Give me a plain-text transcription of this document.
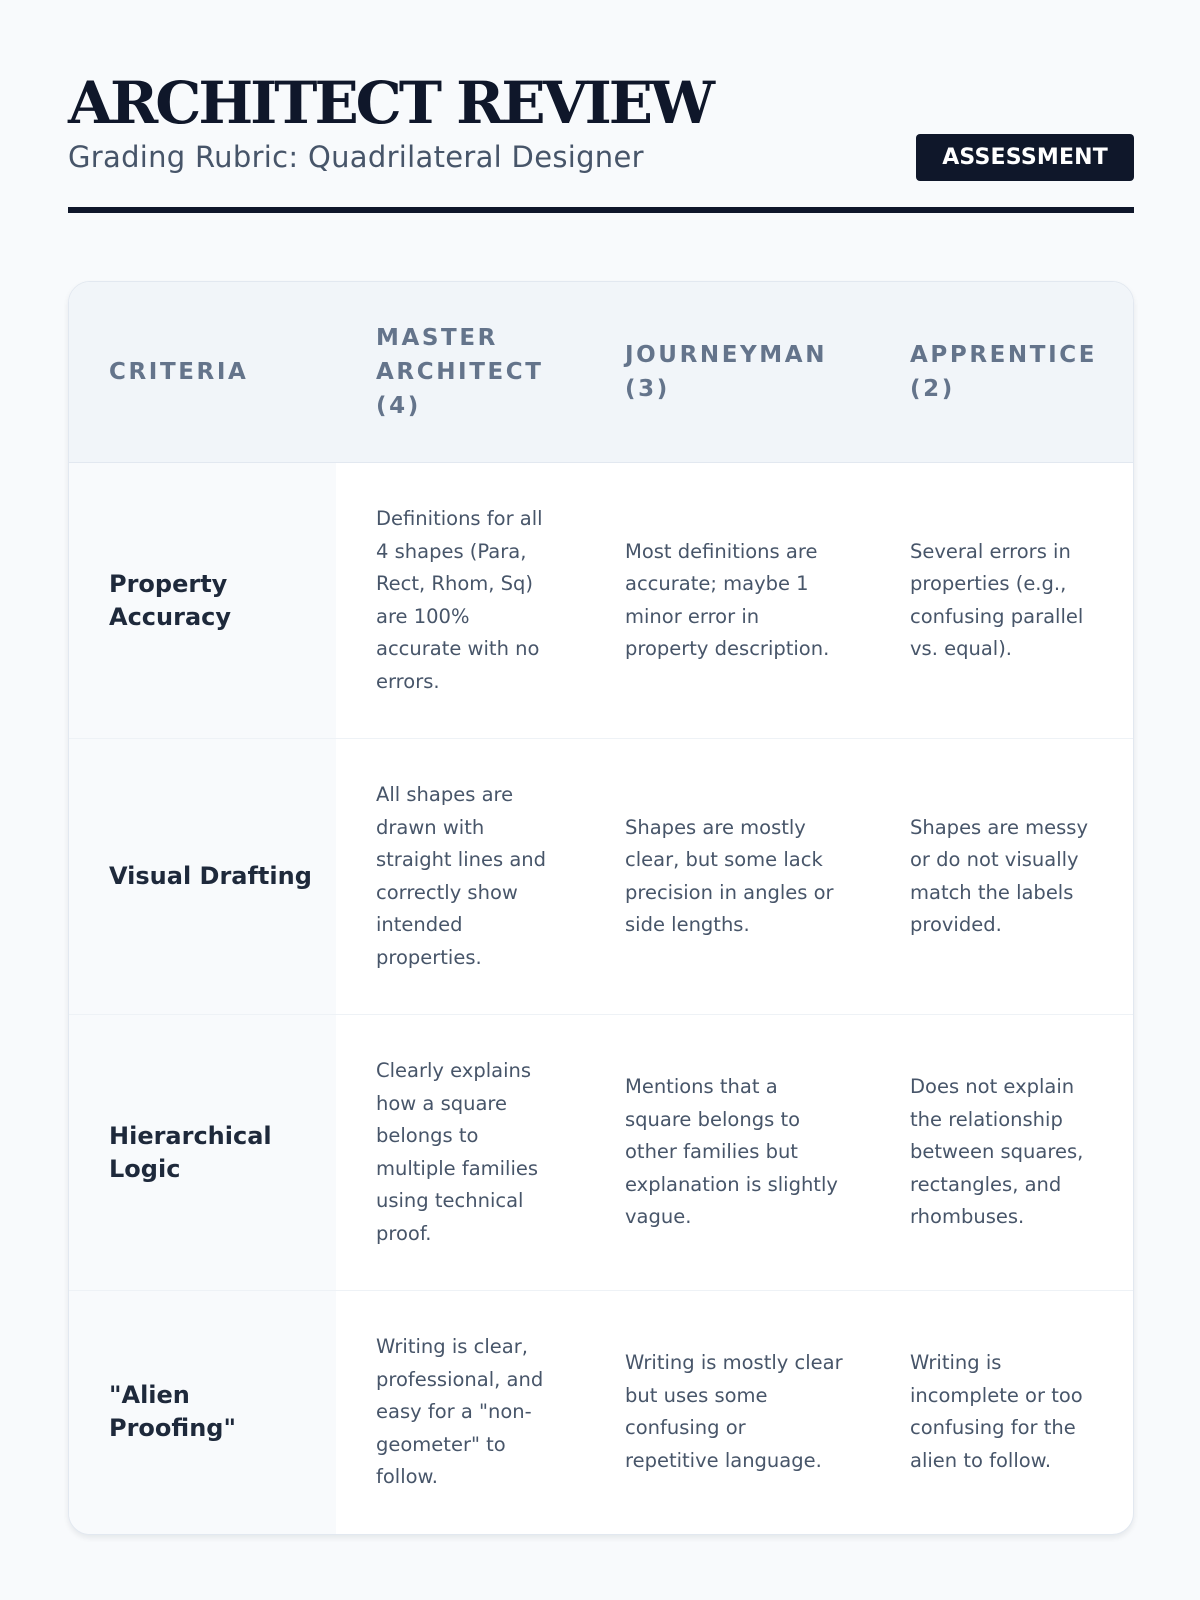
ARCHITECT REVIEW
Grading Rubric: Quadrilateral Designer	ASSESSMENT
CRITERIA	MASTER ARCHITECT (4)	JOURNEYMAN (3)	APPRENTICE (2)
Property Accuracy	Definitions for all 4 shapes (Para, Rect, Rhom, Sq) are 100% accurate with no errors.	Most definitions are accurate; maybe 1 minor error in property description.	Several errors in properties (e.g., confusing parallel vs. equal).
Visual Drafting	All shapes are drawn with straight lines and correctly show intended properties.	Shapes are mostly clear, but some lack precision in angles or side lengths.	Shapes are messy or do not visually match the labels provided.
Hierarchical Logic	Clearly explains how a square belongs to multiple families using technical proof.	Mentions that a square belongs to other families but explanation is slightly vague.	Does not explain the relationship between squares, rectangles, and rhombuses.
"Alien Proofing"	Writing is clear, professional, and easy for a "non-geometer" to follow.	Writing is mostly clear but uses some confusing or repetitive language.	Writing is incomplete or too confusing for the alien to follow.
